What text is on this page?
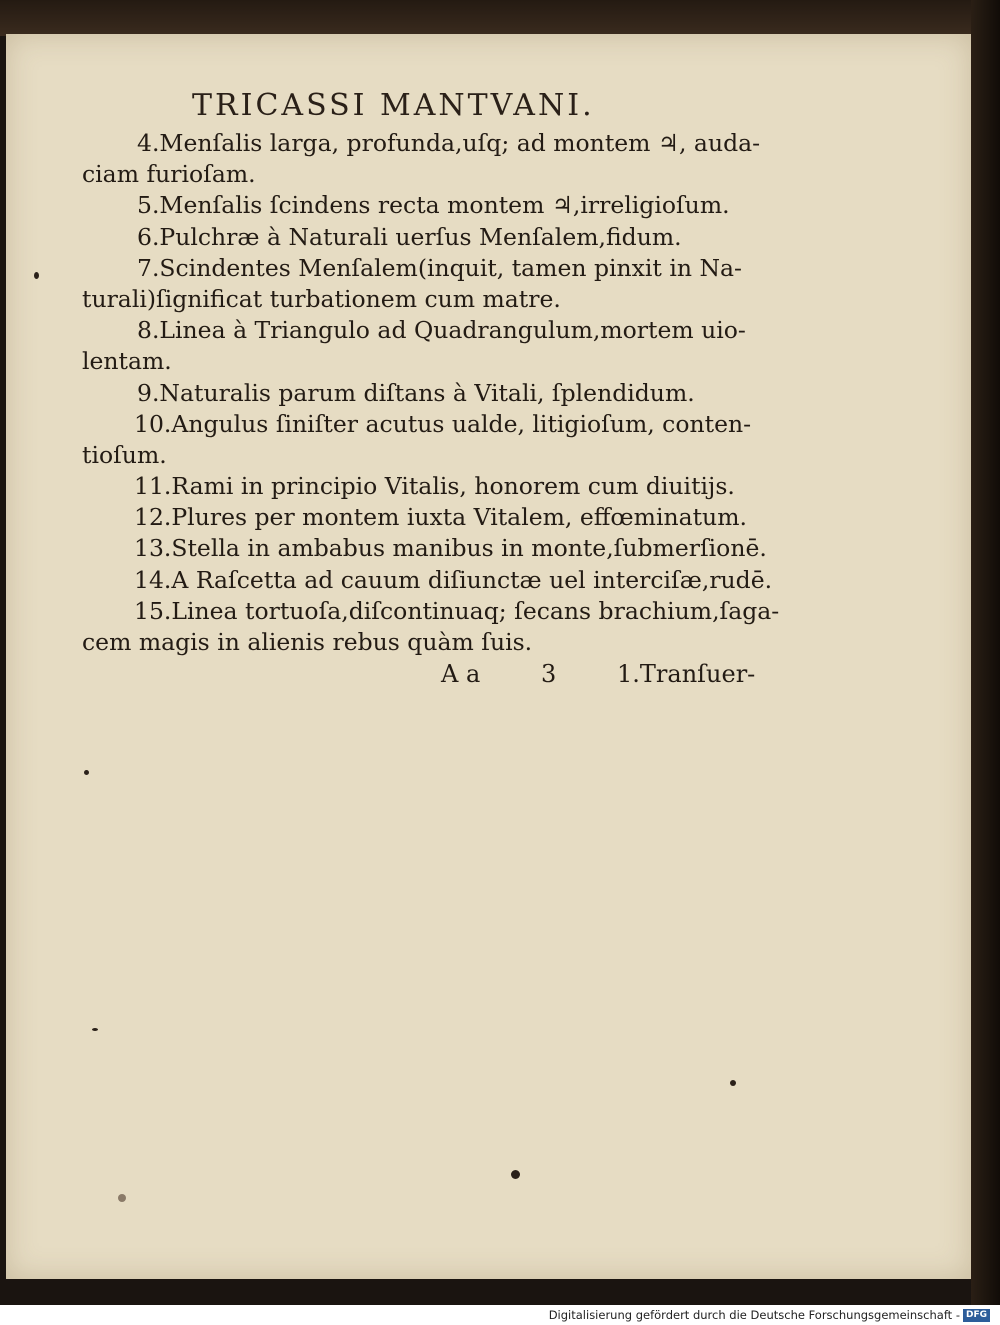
TRICASSI MANTVANI.
4.Menſalis larga, profunda,uſq; ad montem ♃, auda-
ciam furioſam.
5.Menſalis ſcindens recta montem ♃,irreligioſum.
6.Pulchræ à Naturali uerſus Menſalem,fidum.
7.Scindentes Menſalem(inquit, tamen pinxit in Na-
turali)ſignificat turbationem cum matre.
8.Linea à Triangulo ad Quadrangulum,mortem uio-
lentam.
9.Naturalis parum diſtans à Vitali, ſplendidum.
10.Angulus ſiniſter acutus ualde, litigioſum, conten-
tioſum.
11.Rami in principio Vitalis, honorem cum diuitijs.
12.Plures per montem iuxta Vitalem, effœminatum.
13.Stella in ambabus manibus in monte,ſubmerſionē.
14.A Raſcetta ad cauum diſiunctæ uel interciſæ,rudē.
15.Linea tortuoſa,diſcontinuaq; ſecans brachium,ſaga-
cem magis in alienis rebus quàm ſuis.
A a	3	1.Tranſuer-
Digitalisierung gefördert durch die Deutsche Forschungsgemeinschaft - DFG
